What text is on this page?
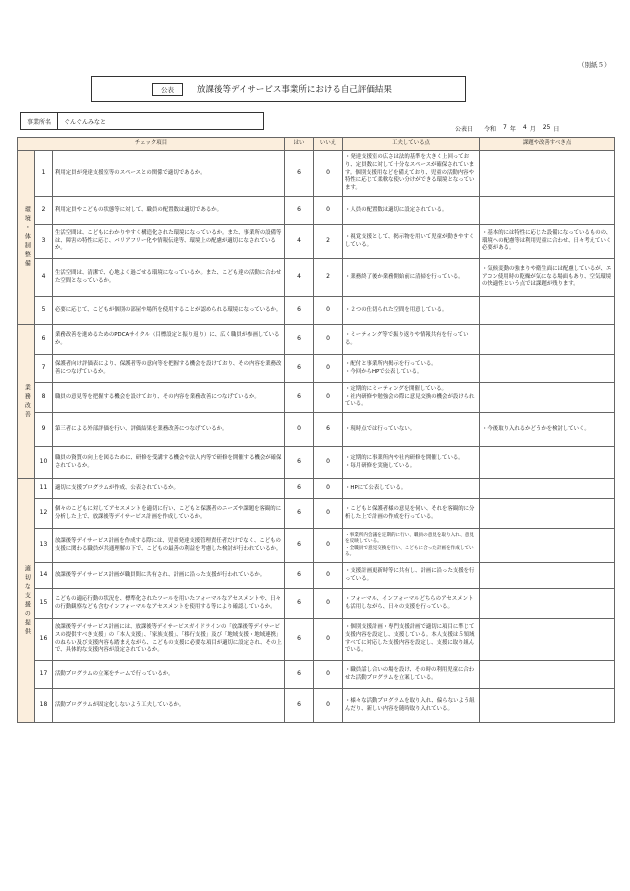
（別紙５）
公表	放課後等デイサービス事業所における自己評価結果
事業所名	ぐんぐんみなと
公表日 令和 7 年 4 月 25 日
チェック項目			はい	いいえ	工夫している点	課題や改善すべき点
環境・体制整備	1	利用定員が発達支援室等のスペースとの関係で適切であるか。	6	0	・発達支援室の広さは法的基準を大きく上回っており、定員数に対して十分なスペースが確保されています。個別支援用などを備えており、児童の活動内容や特性に応じて柔軟な使い分けができる環境となっています。	
	2	利用定員やこどもの状態等に対して、職員の配置数は適切であるか。	6	0	・人員の配置数は適切に設定されている。	
	3	生活空間は、こどもにわかりやすく構造化された環境になっているか。また、事業所の設備等は、障害の特性に応じ、バリアフリー化や情報伝達等、環境上の配慮が適切になされているか。	4	2	・視覚支援として、掲示物を用いて児童が動きやすくしている。	・基本的には特性に応じた設備になっているものの、環境への配慮等は利用児童に合わせ、日々考えていく必要がある。
	4	生活空間は、清潔で、心地よく過ごせる環境になっているか。また、こども達の活動に合わせた空間となっているか。	4	2	・業務終了後か業務開始前に清掃を行っている。	・気候変動の強まりや衛生面には配慮しているが、エアコン使用時の乾燥が気になる場面もあり、空気環境の快適性という点では課題が残ります。
	5	必要に応じて、こどもが個別の部屋や場所を使用することが認められる環境になっているか。	6	0	・２つの仕切られた空間を用意している。	
業務改善	6	業務改善を進めるためのPDCAサイクル（目標設定と振り返り）に、広く職員が参画しているか。	6	0	・ミーティング等で振り返りや情報共有を行っている。	
	7	保護者向け評価表により、保護者等の意向等を把握する機会を設けており、その内容を業務改善につなげているか。	6	0	・配付と事業所内掲示を行っている。
・今回からHPで公表している。	
	8	職員の意見等を把握する機会を設けており、その内容を業務改善につなげているか。	6	0	・定期的にミーティングを開催している。
・社内研修や勉強会の際に意見交換の機会が設けられている。	
	9	第三者による外部評価を行い、評価結果を業務改善につなげているか。	0	6	・現時点では行っていない。	・今後取り入れるかどうかを検討していく。
	10	職員の資質の向上を図るために、研修を受講する機会や法人内等で研修を開催する機会が確保されているか。	6	0	・定期的に事業所内や社内研修を開催している。
・毎月研修を実施している。	
適切な支援の提供	11	適切に支援プログラムが作成、公表されているか。	6	0	・HPにて公表している。	
	12	個々のこどもに対してアセスメントを適切に行い、こどもと保護者のニーズや課題を客観的に分析した上で、放課後等デイサービス計画を作成しているか。	6	0	・こどもと保護者様の意見を伺い、それを客観的に分析した上で計画の作成を行っている。	
	13	放課後等デイサービス計画を作成する際には、児童発達支援管理責任者だけでなく、こどもの支援に関わる職員が共通理解の下で、こどもの最善の利益を考慮した検討が行われているか。	6	0	・事業所内会議を定期的に行い、職員の意見を取り入れ、意見を反映している。
・全職員で意見交換を行い、こどもに合った計画を作成している。	
	14	放課後等デイサービス計画が職員間に共有され、計画に沿った支援が行われているか。	6	0	・支援計画更新時等に共有し、計画に沿った支援を行っている。	
	15	こどもの適応行動の状況を、標準化されたツールを用いたフォーマルなアセスメントや、日々の行動観察なども含むインフォーマルなアセスメントを使用する等により確認しているか。	6	0	・フォーマル、インフォーマルどちらのアセスメントも活用しながら、日々の支援を行っている。	
	16	放課後等デイサービス計画には、放課後等デイサービスガイドラインの「放課後等デイサービスの提供すべき支援」の「本人支援」、「家族支援」、「移行支援」及び「地域支援・地域連携」のねらい及び支援内容も踏まえながら、こどもの支援に必要な項目が適切に設定され、その上で、具体的な支援内容が設定されているか。	6	0	・個別支援計画・専門支援計画で適切に項目に準じて支援内容を設定し、支援している。本人支援は５領域すべてに対応した支援内容を設定し、支援に取り組んでいる。	
	17	活動プログラムの立案をチームで行っているか。	6	0	・職員話し合いの場を設け、その時の利用児童に合わせた活動プログラムを立案している。	
	18	活動プログラムが固定化しないよう工夫しているか。	6	0	・様々な活動プログラムを取り入れ、偏らないよう組んだり、新しい内容を随時取り入れている。	
